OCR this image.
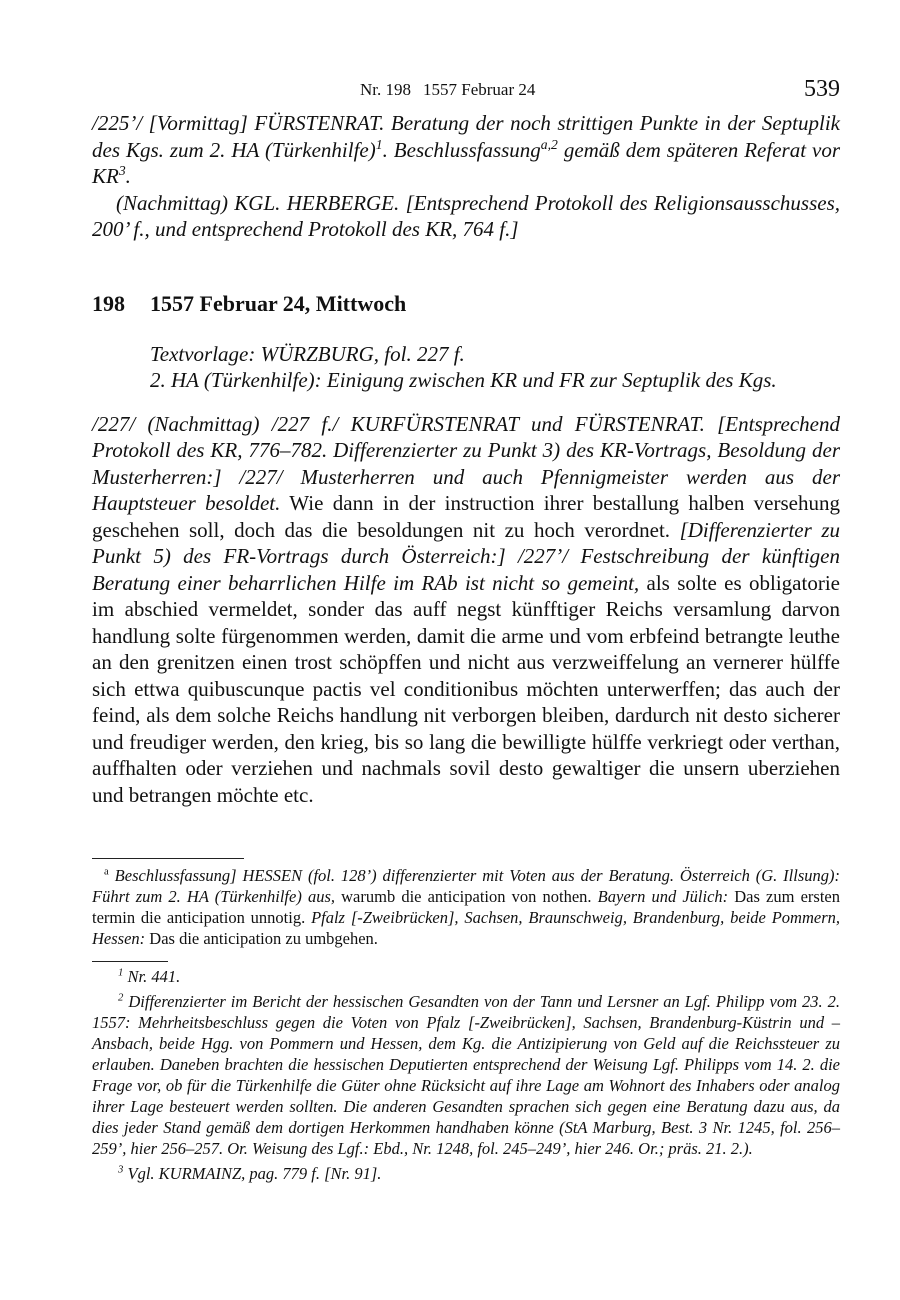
Nr. 198 1557 Februar 24	539

/225’/ [Vormittag] FÜRSTENRAT. Beratung der noch strittigen Punkte in der Septuplik des Kgs. zum 2. HA (Türkenhilfe)$^1$. Beschlussfassung$^{a,2}$ gemäß dem späteren Referat vor $KR^3$.

(Nachmittag) KGL. HERBERGE. [Entsprechend Protokoll des Religionsausschusses, 200’ f., und entsprechend Protokoll des KR, 764 f.]

198 1557 Februar 24, Mittwoch
Textvorlage: WÜRZBURG, fol. 227 f.
2. HA (Türkenhilfe): Einigung zwischen KR und FR zur Septuplik des Kgs.

/227/ (Nachmittag) /227 f./ KURFÜRSTENRAT und FÜRSTENRAT. [Entsprechend Protokoll des KR, 776–782. Differenzierter zu Punkt 3) des KR-Vortrags, Besoldung der Musterherren:] /227/ Musterherren und auch Pfennigmeister werden aus der Hauptsteuer besoldet. Wie dann in der instruction ihrer bestallung halben versehung geschehen soll, doch das die besoldungen nit zu hoch verordnet. [Differenzierter zu Punkt 5) des FR-Vortrags durch Österreich:] /227’/ Festschreibung der künftigen Beratung einer beharrlichen Hilfe im RAb ist nicht so gemeint, als solte es obligatorie im abschied vermeldet, sonder das auff negst künfftiger Reichs versamlung darvon handlung solte fürgenommen werden, damit die arme und vom erbfeind betrangte leuthe an den grenitzen einen trost schöpffen und nicht aus verzweiffelung an vernerer hülffe sich ettwa quibuscunque pactis vel conditionibus möchten unterwerffen; das auch der feind, als dem solche Reichs handlung nit verborgen bleiben, dardurch nit desto sicherer und freudiger werden, den krieg, bis so lang die bewilligte hülffe verkriegt oder verthan, auffhalten oder verziehen und nachmals sovil desto gewaltiger die unsern uberziehen und betrangen möchte etc.

$^a$ Beschlussfassung] HESSEN (fol. 128’) differenzierter mit Voten aus der Beratung. Österreich (G. Illsung): Führt zum 2. HA (Türkenhilfe) aus, warumb die anticipation von nothen. Bayern und Jülich: Das zum ersten termin die anticipation unnotig. Pfalz [-Zweibrücken], Sachsen, Braunschweig, Brandenburg, beide Pommern, Hessen: Das die anticipation zu umbgehen.

$^1$ Nr. 441.

$^2$ Differenzierter im Bericht der hessischen Gesandten von der Tann und Lersner an Lgf. Philipp vom 23. 2. 1557: Mehrheitsbeschluss gegen die Voten von Pfalz [-Zweibrücken], Sachsen, Brandenburg-Küstrin und –Ansbach, beide Hgg. von Pommern und Hessen, dem Kg. die Antizipierung von Geld auf die Reichssteuer zu erlauben. Daneben brachten die hessischen Deputierten entsprechend der Weisung Lgf. Philipps vom 14. 2. die Frage vor, ob für die Türkenhilfe die Güter ohne Rücksicht auf ihre Lage am Wohnort des Inhabers oder analog ihrer Lage besteuert werden sollten. Die anderen Gesandten sprachen sich gegen eine Beratung dazu aus, da dies jeder Stand gemäß dem dortigen Herkommen handhaben könne (StA Marburg, Best. 3 Nr. 1245, fol. 256–259’, hier 256–257. Or. Weisung des Lgf.: Ebd., Nr. 1248, fol. 245–249’, hier 246. Or.; präs. 21. 2.).

$^3$ Vgl. KURMAINZ, pag. 779 f. [Nr. 91].
